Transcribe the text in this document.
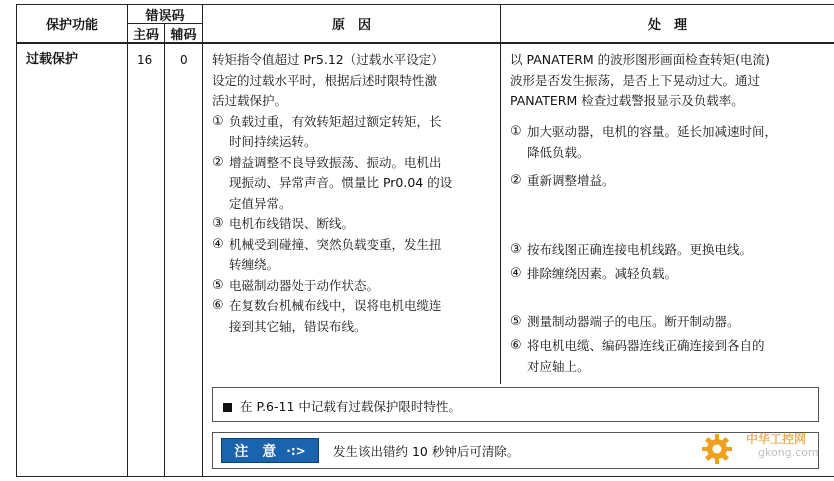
保护功能
错误码
主码 辅码
原　因	处　理
过载保护	16 0 转矩指令值超过 Pr5.12（过载水平设定）

设定的过载水平时，根据后述时限特性激

活过载保护。

① 负载过重，有效转矩超过额定转矩，长

时间持续运转。

② 增益调整不良导致振荡、振动。电机出

现振动、异常声音。惯量比 Pr0.04 的设

定值异常。

③ 电机布线错误、断线。

④ 机械受到碰撞、突然负载变重，发生扭

转缠绕。

⑤ 电磁制动器处于动作状态。

⑥ 在复数台机械布线中，误将电机电缆连

接到其它轴，错误布线。

以 PANATERM 的波形图形画面检查转矩(电流)

波形是否发生振荡，是否上下晃动过大。通过

PANATERM 检查过载警报显示及负载率。

① 加大驱动器，电机的容量。延长加减速时间，

降低负载。

② 重新调整增益。

③ 按布线图正确连接电机线路。更换电线。

④ 排除缠绕因素。减轻负载。

⑤ 测量制动器端子的电压。断开制动器。

⑥ 将电机电缆、编码器连线正确连接到各自的

对应轴上。

在 P.6-11 中记载有过载保护限时特性。
注　意 ·:> 发生该出错约 10 秒钟后可清除。
中华工控网
gkong.com
